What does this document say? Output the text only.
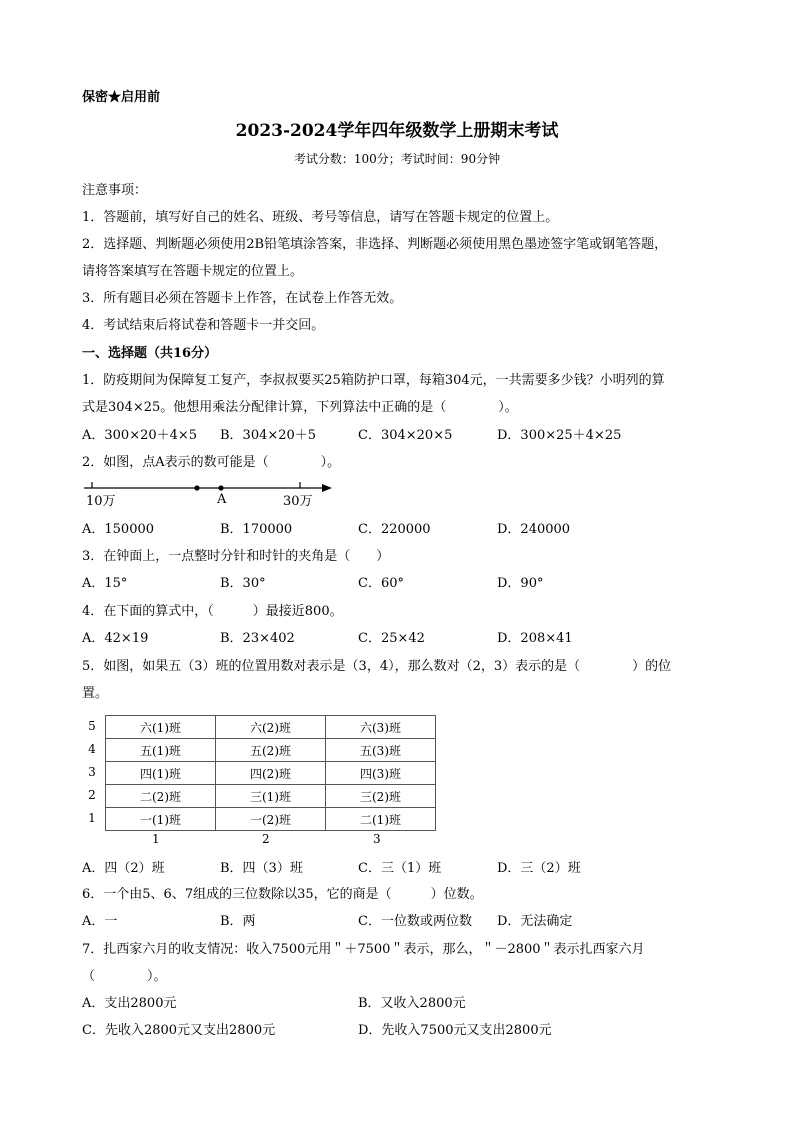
保密★启用前
2023-2024学年四年级数学上册期末考试
考试分数：100分；考试时间：90分钟
注意事项：
1．答题前，填写好自己的姓名、班级、考号等信息，请写在答题卡规定的位置上。
2．选择题、判断题必须使用2B铅笔填涂答案，非选择、判断题必须使用黑色墨迹签字笔或钢笔答题，
请将答案填写在答题卡规定的位置上。
3．所有题目必须在答题卡上作答，在试卷上作答无效。
4．考试结束后将试卷和答题卡一并交回。
一、选择题（共16分）
1．防疫期间为保障复工复产，李叔叔要买25箱防护口罩，每箱304元，一共需要多少钱？小明列的算
式是304×25。他想用乘法分配律计算，下列算法中正确的是（　　　　）。
A．300×20＋4×5 B．304×20＋5	C．304×20×5	D．300×25＋4×25
2．如图，点A表示的数可能是（　　　　）。
10万	A	30万
A．150000	B．170000	C．220000	D．240000
3．在钟面上，一点整时分针和时针的夹角是（　　）
A．15°	B．30°	C．60°	D．90°
4．在下面的算式中，（　　　）最接近800。
A．42×19	B．23×402	C．25×42	D．208×41
5．如图，如果五（3）班的位置用数对表示是（3，4），那么数对（2，3）表示的是（　　　　）的位
置。
5
4
3
2
1
六(1)班	六(2)班	六(3)班
五(1)班	五(2)班	五(3)班
四(1)班	四(2)班	四(3)班
二(2)班	三(1)班	三(2)班
一(1)班	一(2)班	二(1)班
1	2	3
A．四（2）班	B．四（3）班	C．三（1）班	D．三（2）班
6．一个由5、6、7组成的三位数除以35，它的商是（　　　）位数。
A．一	B．两	C．一位数或两位数 D．无法确定
7．扎西家六月的收支情况：收入7500元用＂＋7500＂表示，那么，＂－2800＂表示扎西家六月
（　　　　）。
A．支出2800元	B．又收入2800元
C．先收入2800元又支出2800元	D．先收入7500元又支出2800元
